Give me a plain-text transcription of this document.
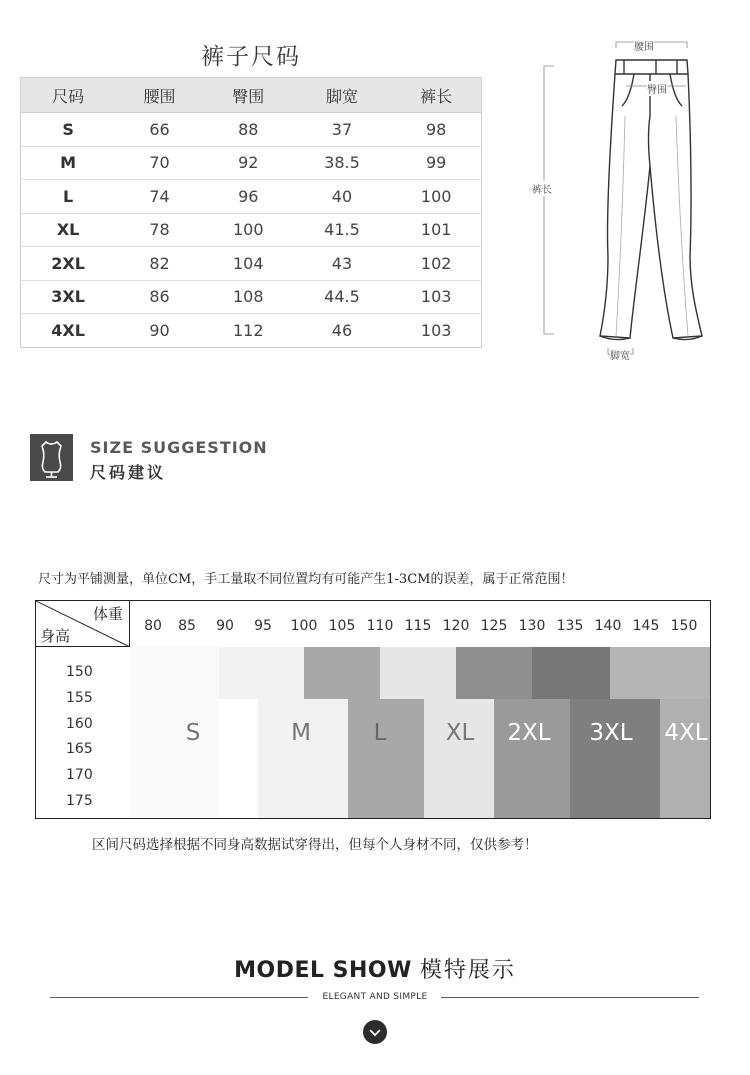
裤子尺码
尺码	腰围	臀围	脚宽	裤长
S	66	88	37	98
M	70	92	38.5	99
L	74	96	40	100
XL	78	100	41.5	101
2XL	82	104	43	102
3XL	86	108	44.5	103
4XL	90	112	46	103
腰围
臀围
裤长
脚宽
SIZE SUGGESTION
尺码建议
尺寸为平铺测量，单位CM，手工量取不同位置均有可能产生1-3CM的误差，属于正常范围！
体重
身高
80 85 90 95 100 105 110 115 120 125 130 135 140 145 150
150
155
160
165
170
175
S	M	L	XL 2XL 3XL 4XL
区间尺码选择根据不同身高数据试穿得出，但每个人身材不同，仅供参考！
MODEL SHOW 模特展示
ELEGANT AND SIMPLE
